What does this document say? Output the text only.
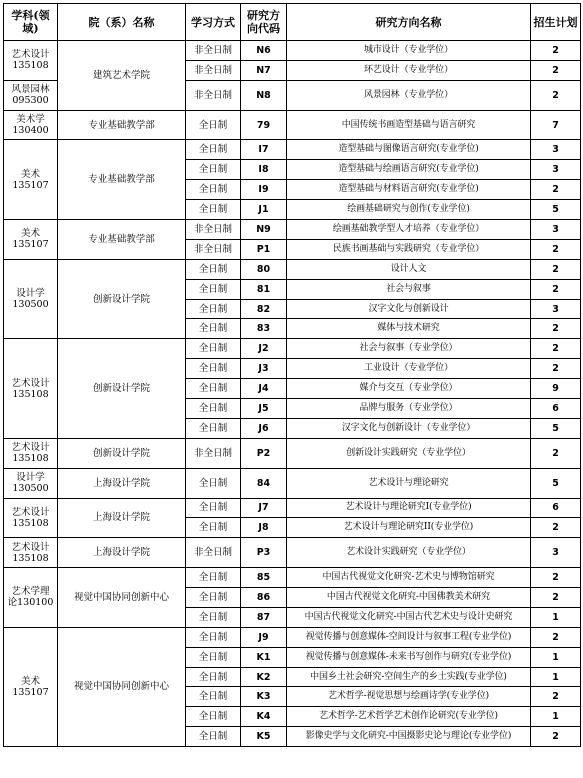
学科(领域)	院（系）名称	学习方式	研究方向代码	研究方向名称	招生计划
艺术设计
135108	建筑艺术学院	非全日制	N6	城市设计（专业学位）	2
		非全日制	N7	环艺设计（专业学位）	2
风景园林
095300		非全日制	N8	风景园林（专业学位）	2
美术学
130400	专业基础教学部	全日制	79	中国传统书画造型基础与语言研究	7
美术
135107	专业基础教学部	全日制	I7	造型基础与图像语言研究(专业学位)	3
		全日制	I8	造型基础与绘画语言研究(专业学位)	3
		全日制	I9	造型基础与材料语言研究(专业学位)	2
		全日制	J1	绘画基础研究与创作(专业学位)	5
美术
135107	专业基础教学部	非全日制	N9	绘画基础教学型人才培养（专业学位）	3
		非全日制	P1	民族书画基础与实践研究（专业学位）	2
设计学
130500	创新设计学院	全日制	80	设计人文	2
		全日制	81	社会与叙事	2
		全日制	82	汉字文化与创新设计	3
		全日制	83	媒体与技术研究	2
艺术设计
135108	创新设计学院	全日制	J2	社会与叙事（专业学位）	2
		全日制	J3	工业设计（专业学位）	2
		全日制	J4	媒介与交互（专业学位）	9
		全日制	J5	品牌与服务（专业学位）	6
		全日制	J6	汉字文化与创新设计（专业学位）	5
艺术设计
135108	创新设计学院	非全日制	P2	创新设计实践研究（专业学位）	2
设计学
130500	上海设计学院	全日制	84	艺术设计与理论研究	5
艺术设计
135108	上海设计学院	全日制	J7	艺术设计与理论研究I(专业学位)	6
		全日制	J8	艺术设计与理论研究II(专业学位)	2
艺术设计
135108	上海设计学院	非全日制	P3	艺术设计实践研究（专业学位）	3
艺术学理
论130100	视觉中国协同创新中心	全日制	85	中国古代视觉文化研究-艺术史与博物馆研究	2
		全日制	86	中国古代视觉文化研究-中国佛教美术研究	2
		全日制	87	中国古代视觉文化研究-中国古代艺术史与设计史研究	1
美术
135107	视觉中国协同创新中心	全日制	J9	视觉传播与创意媒体-空间设计与叙事工程(专业学位)	2
		全日制	K1	视觉传播与创意媒体-未来书写创作与研究(专业学位)	1
		全日制	K2	中国乡土社会研究-空间生产的乡土实践(专业学位)	1
		全日制	K3	艺术哲学-视觉思想与绘画诗学(专业学位)	2
		全日制	K4	艺术哲学-艺术哲学艺术创作论研究(专业学位)	1
		全日制	K5	影像史学与文化研究-中国摄影史论与理论(专业学位)	2
